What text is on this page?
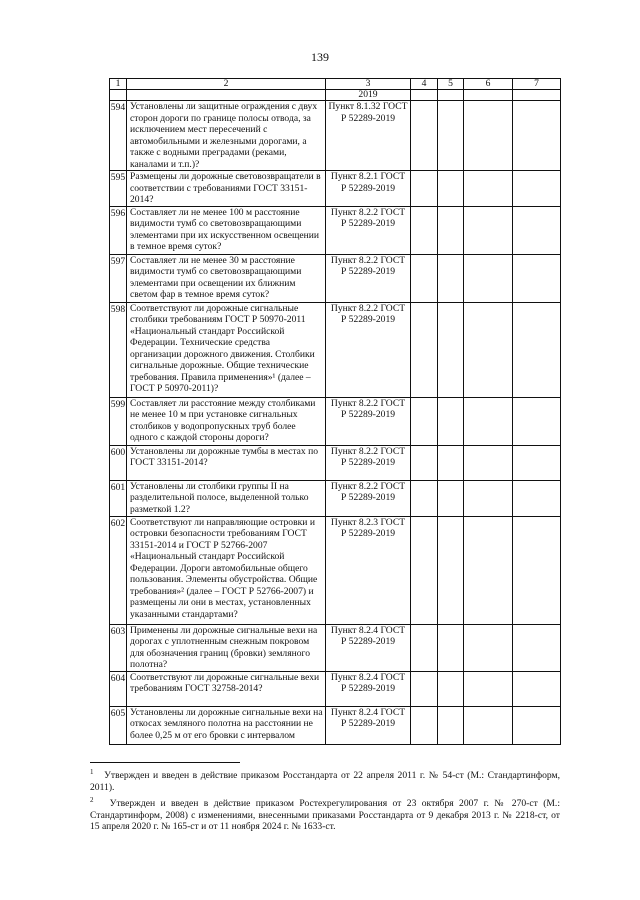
139
1	2	3	4	5	6	7
		2019				
594	Установлены ли защитные ограждения с двух сторон дороги по границе полосы отвода, за исключением мест пересечений с автомобильными и железными дорогами, а также с водными преградами (реками, каналами и т.п.)?	Пункт 8.1.32 ГОСТ Р 52289-2019				
595	Размещены ли дорожные световозвращатели в соответствии с требованиями ГОСТ 33151-2014?	Пункт 8.2.1 ГОСТ Р 52289-2019				
596	Составляет ли не менее 100 м расстояние видимости тумб со световозвращающими элементами при их искусственном освещении в темное время суток?	Пункт 8.2.2 ГОСТ Р 52289-2019				
597	Составляет ли не менее 30 м расстояние видимости тумб со световозвращающими элементами при освещении их ближним светом фар в темное время суток?	Пункт 8.2.2 ГОСТ Р 52289-2019				
598	Соответствуют ли дорожные сигнальные столбики требованиям ГОСТ Р 50970-2011 «Национальный стандарт Российской Федерации. Технические средства организации дорожного движения. Столбики сигнальные дорожные. Общие технические требования. Правила применения»¹ (далее – ГОСТ Р 50970-2011)?	Пункт 8.2.2 ГОСТ Р 52289-2019				
599	Составляет ли расстояние между столбиками не менее 10 м при установке сигнальных столбиков у водопропускных труб более одного с каждой стороны дороги?	Пункт 8.2.2 ГОСТ Р 52289-2019				
600	Установлены ли дорожные тумбы в местах по ГОСТ 33151-2014?	Пункт 8.2.2 ГОСТ Р 52289-2019				
601	Установлены ли столбики группы II на разделительной полосе, выделенной только разметкой 1.2?	Пункт 8.2.2 ГОСТ Р 52289-2019				
602	Соответствуют ли направляющие островки и островки безопасности требованиям ГОСТ 33151-2014 и ГОСТ Р 52766-2007 «Национальный стандарт Российской Федерации. Дороги автомобильные общего пользования. Элементы обустройства. Общие требования»² (далее – ГОСТ Р 52766-2007) и размещены ли они в местах, установленных указанными стандартами?	Пункт 8.2.3 ГОСТ Р 52289-2019				
603	Применены ли дорожные сигнальные вехи на дорогах с уплотненным снежным покровом для обозначения границ (бровки) земляного полотна?	Пункт 8.2.4 ГОСТ Р 52289-2019				
604	Соответствуют ли дорожные сигнальные вехи требованиям ГОСТ 32758-2014?	Пункт 8.2.4 ГОСТ Р 52289-2019				
605	Установлены ли дорожные сигнальные вехи на откосах земляного полотна на расстоянии не более 0,25 м от его бровки с интервалом	Пункт 8.2.4 ГОСТ Р 52289-2019				

$^1$ Утвержден и введен в действие приказом Росстандарта от 22 апреля 2011 г. № 54-ст (М.: Стандартинформ, 2011).

$^2$ Утвержден и введен в действие приказом Ростехрегулирования от 23 октября 2007 г. № 270-ст (М.: Стандартинформ, 2008) с изменениями, внесенными приказами Росстандарта от 9 декабря 2013 г. № 2218-ст, от 15 апреля 2020 г. № 165-ст и от 11 ноября 2024 г. № 1633-ст.
